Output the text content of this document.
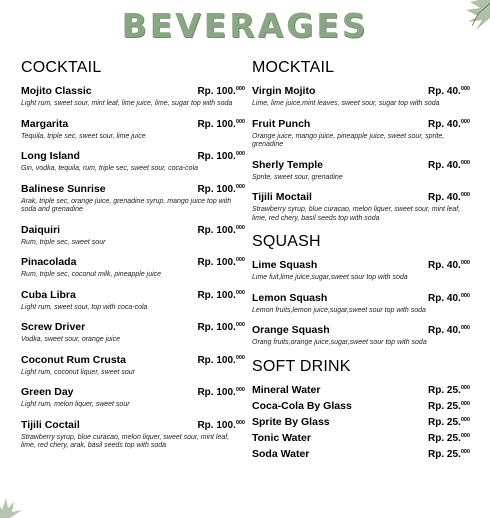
BEVERAGES
COCKTAIL
Mojito Classic	Rp. 100.$^{000}$
Light rum, sweet sour, mint leaf, lime juice, lime, sugar top with soda
Margarita	Rp. 100.$^{000}$
Tequila, triple sec, sweet sour, lime juice
Long Island	Rp. 100.$^{000}$
Gin, vodka, tequila, rum, triple sec, sweet sour, coca-cola
Balinese Sunrise	Rp. 100.$^{000}$
Arak, triple sec, orange juice, grenadine syrup, mango juice top with soda and grenadine
Daiquiri	Rp. 100.$^{000}$
Rum, triple sec, sweet sour
Pinacolada	Rp. 100.$^{000}$
Rum, triple sec, coconut milk, pineapple juice
Cuba Libra	Rp. 100.$^{000}$
Light rum, sweet sour, top with coca-cola
Screw Driver	Rp. 100.$^{000}$
Vodka, sweet sour, orange juice
Coconut Rum Crusta	Rp. 100.$^{000}$
Light rum, coconut liquer, sweet sour
Green Day	Rp. 100.$^{000}$
Light rum, melon liquer, sweet sour
Tijili Coctail	Rp. 100.$^{000}$
Strawberry syrup, blue curacao, melon liquer, sweet sour, mint leaf, lime, red chery, arak, basil seeds top with soda
MOCKTAIL
Virgin Mojito	Rp. 40.$^{000}$
Lime, lime juice,mint leaves, sweet sour, sugar top with soda
Fruit Punch	Rp. 40.$^{000}$
Orange juice, mango juice, pineapple juice, sweet sour, sprite, grenadine
Sherly Temple	Rp. 40.$^{000}$
Sprite, sweet sour, grenadine
Tijili Moctail	Rp. 40.$^{000}$
Strawberry syrup, blue curacao, melon liquer, sweet sour, mint leaf, lime, red chery, basil seeds top with soda
SQUASH
Lime Squash	Rp. 40.$^{000}$
Lime fuit,lime juice,sugar,sweet sour top with soda
Lemon Squash	Rp. 40.$^{000}$
Lemon fruits,lemon juice,sugar,sweet sour top with soda
Orange Squash	Rp. 40.$^{000}$
Orang fruits,orange juice,sugar,sweet sour top with soda
SOFT DRINK
Mineral Water	Rp. 25.$^{000}$
Coca-Cola By Glass	Rp. 25.$^{000}$
Sprite By Glass	Rp. 25.$^{000}$
Tonic Water	Rp. 25.$^{000}$
Soda Water	Rp. 25.$^{000}$
